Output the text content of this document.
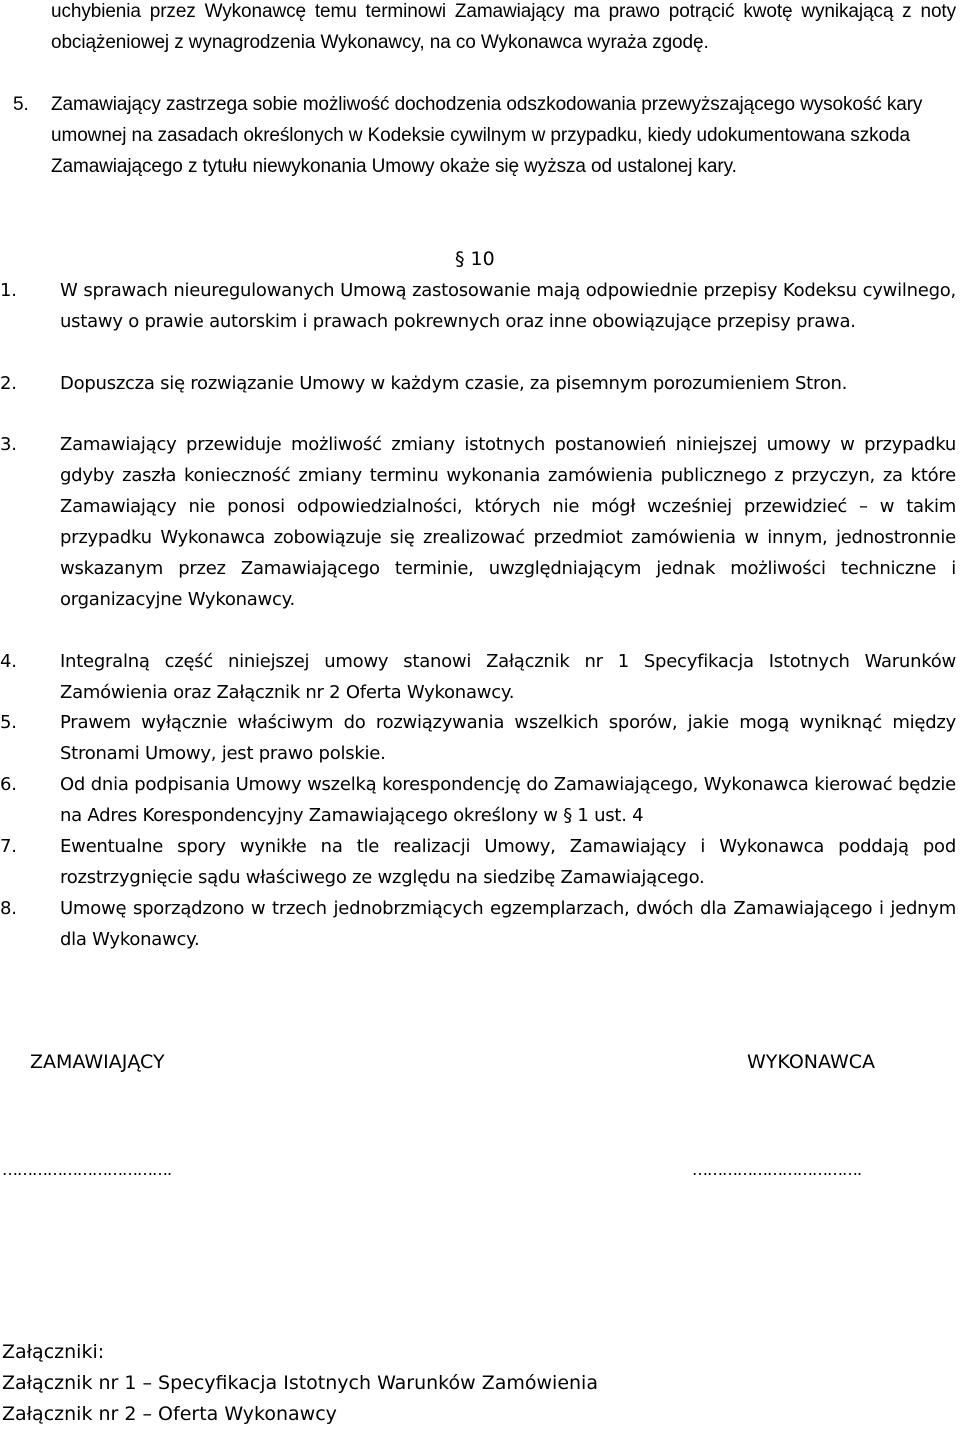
uchybienia przez Wykonawcę temu terminowi Zamawiający ma prawo potrącić kwotę wynikającą z noty obciążeniowej z wynagrodzenia Wykonawcy, na co Wykonawca wyraża zgodę.
5. Zamawiający zastrzega sobie możliwość dochodzenia odszkodowania przewyższającego wysokość kary umownej na zasadach określonych w Kodeksie cywilnym w przypadku, kiedy udokumentowana szkoda Zamawiającego z tytułu niewykonania Umowy okaże się wyższa od ustalonej kary.
§ 10
1. W sprawach nieuregulowanych Umową zastosowanie mają odpowiednie przepisy Kodeksu cywilnego, ustawy o prawie autorskim i prawach pokrewnych oraz inne obowiązujące przepisy prawa.
2. Dopuszcza się rozwiązanie Umowy w każdym czasie, za pisemnym porozumieniem Stron.
3. Zamawiający przewiduje możliwość zmiany istotnych postanowień niniejszej umowy w przypadku gdyby zaszła konieczność zmiany terminu wykonania zamówienia publicznego z przyczyn, za które Zamawiający nie ponosi odpowiedzialności, których nie mógł wcześniej przewidzieć – w takim przypadku Wykonawca zobowiązuje się zrealizować przedmiot zamówienia w innym, jednostronnie wskazanym przez Zamawiającego terminie, uwzględniającym jednak możliwości techniczne i organizacyjne Wykonawcy.
4. Integralną część niniejszej umowy stanowi Załącznik nr 1 Specyfikacja Istotnych Warunków Zamówienia oraz Załącznik nr 2 Oferta Wykonawcy.
5. Prawem wyłącznie właściwym do rozwiązywania wszelkich sporów, jakie mogą wyniknąć między Stronami Umowy, jest prawo polskie.
6. Od dnia podpisania Umowy wszelką korespondencję do Zamawiającego, Wykonawca kierować będzie na Adres Korespondencyjny Zamawiającego określony w § 1 ust. 4
7. Ewentualne spory wynikłe na tle realizacji Umowy, Zamawiający i Wykonawca poddają pod rozstrzygnięcie sądu właściwego ze względu na siedzibę Zamawiającego.
8. Umowę sporządzono w trzech jednobrzmiących egzemplarzach, dwóch dla Zamawiającego i jednym dla Wykonawcy.
ZAMAWIAJĄCY	WYKONAWCA
…………………………….	…………………………….
Załączniki:
Załącznik nr 1 – Specyfikacja Istotnych Warunków Zamówienia
Załącznik nr 2 – Oferta Wykonawcy
